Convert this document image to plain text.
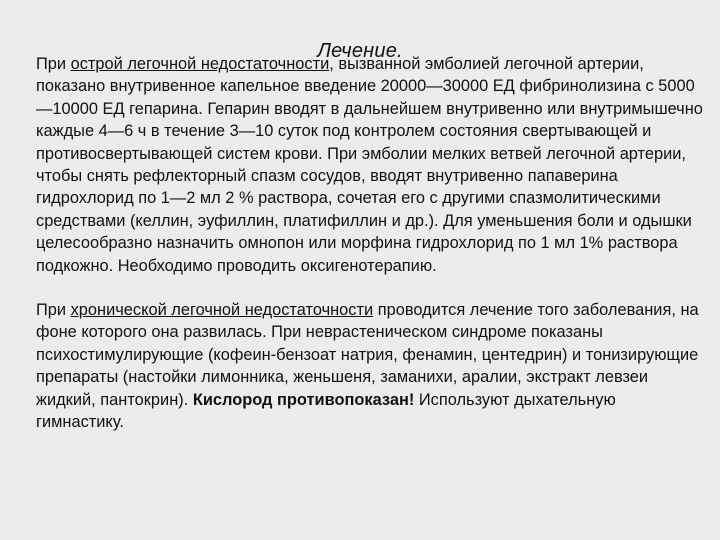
Лечение.

При острой легочной недостаточности, вызванной эмболией легочной артерии, показано внутривенное капельное введение 20000—30000 ЕД фибринолизина с 5000—10000 ЕД гепарина. Гепарин вводят в дальнейшем внутривенно или внутримышечно каждые 4—6 ч в течение 3—10 суток под контролем состояния свертывающей и противосвертывающей систем крови. При эмболии мелких ветвей легочной артерии, чтобы снять рефлекторный спазм сосудов, вводят внутривенно папаверина гидрохлорид по 1—2 мл 2 % раствора, сочетая его с другими спазмолитическими средствами (келлин, эуфиллин, платифиллин и др.). Для уменьшения боли и одышки целесообразно назначить омнопон или морфина гидрохлорид по 1 мл 1% раствора подкожно. Необходимо проводить оксигенотерапию.

При хронической легочной недостаточности проводится лечение того заболевания, на фоне которого она развилась. При неврастеническом синдроме показаны психостимулирующие (кофеин-бензоат натрия, фенамин, центедрин) и тонизирующие препараты (настойки лимонника, женьшеня, заманихи, аралии, экстракт левзеи жидкий, пантокрин). Кислород противопоказан! Используют дыхательную гимнастику.
